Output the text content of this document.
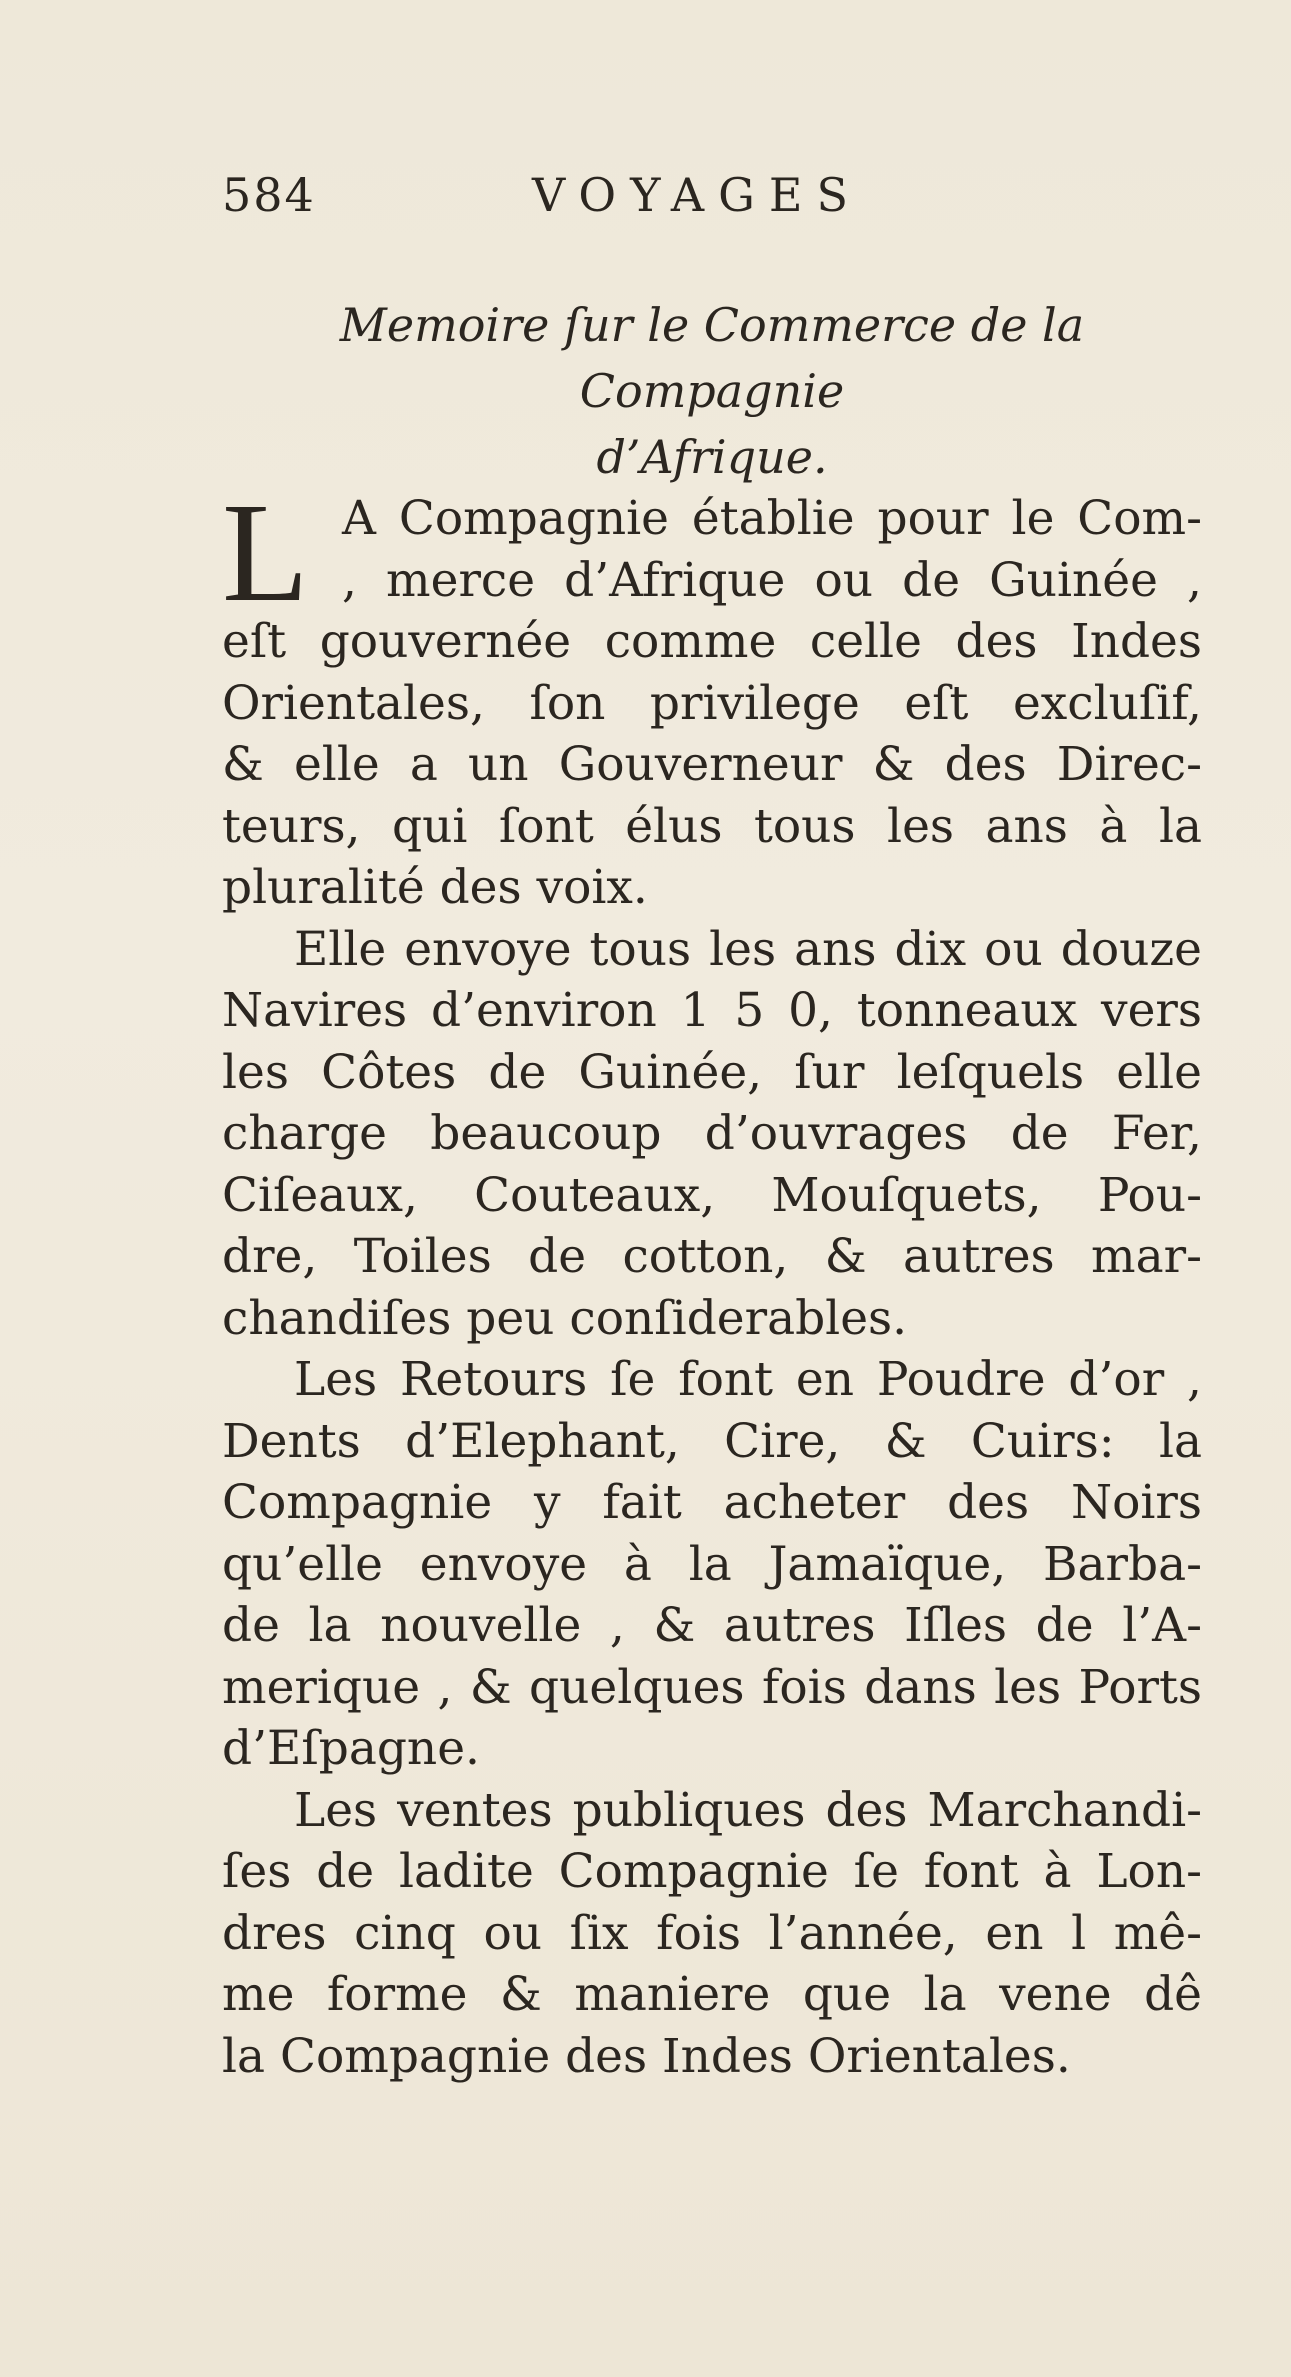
584	VOYAGES
Memoire ſur le Commerce de la Compagnie
d’Afrique.
L A Compagnie établie pour le Com-
, merce d’Afrique ou de Guinée ,
eſt gouvernée comme celle des Indes
Orientales, ſon privilege eſt excluſif,
& elle a un Gouverneur & des Direc-
teurs, qui ſont élus tous les ans à la
pluralité des voix.
Elle envoye tous les ans dix ou douze
Navires d’environ 1 5 0, tonneaux vers
les Côtes de Guinée, ſur leſquels elle
charge beaucoup d’ouvrages de Fer,
Ciſeaux, Couteaux, Mouſquets, Pou-
dre, Toiles de cotton, & autres mar-
chandiſes peu conſiderables.
Les Retours ſe font en Poudre d’or ,
Dents d’Elephant, Cire, & Cuirs: la
Compagnie y fait acheter des Noirs
qu’elle envoye à la Jamaïque, Barba-
de la nouvelle , & autres Iſles de l’A-
merique , & quelques fois dans les Ports
d’Eſpagne.
Les ventes publiques des Marchandi-
ſes de ladite Compagnie ſe font à Lon-
dres cinq ou ſix fois l’année, en l mê-
me forme & maniere que la vene dê
la Compagnie des Indes Orientales.
